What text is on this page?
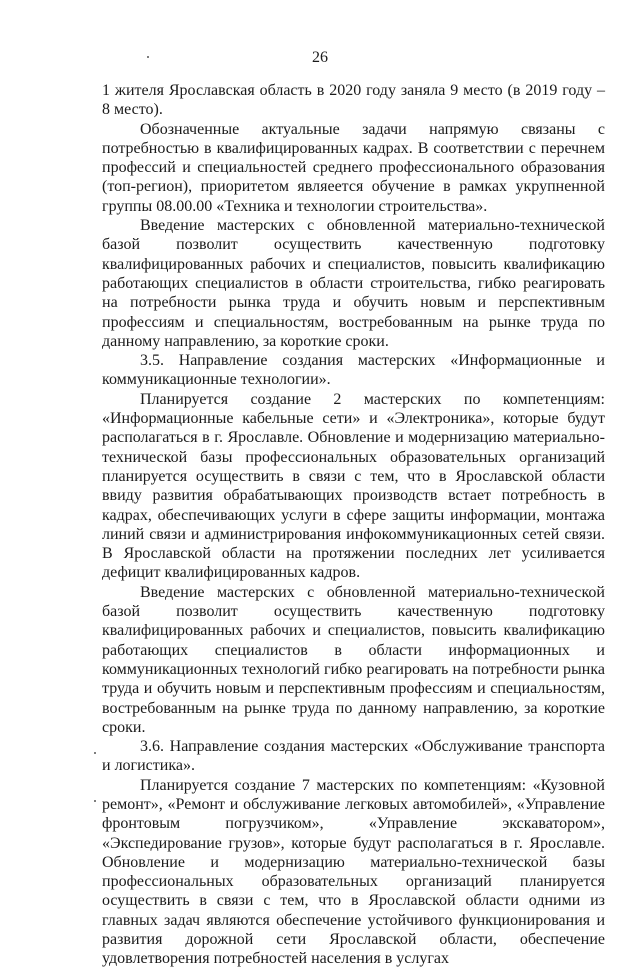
26

1 жителя Ярославская область в 2020 году заняла 9 место (в 2019 году – 8 место).

Обозначенные актуальные задачи напрямую связаны с потребностью в квалифицированных кадрах. В соответствии с перечнем профессий и специальностей среднего профессионального образования (топ-регион), приоритетом являеется обучение в рамках укрупненной группы 08.00.00 «Техника и технологии строительства».

Введение мастерских с обновленной материально-технической базой позволит осуществить качественную подготовку квалифицированных рабочих и специалистов, повысить квалификацию работающих специалистов в области строительства, гибко реагировать на потребности рынка труда и обучить новым и перспективным профессиям и специальностям, востребованным на рынке труда по данному направлению, за короткие сроки.

3.5. Направление создания мастерских «Информационные и коммуникационные технологии».

Планируется создание 2 мастерских по компетенциям: «Информационные кабельные сети» и «Электроника», которые будут располагаться в г. Ярославле. Обновление и модернизацию материально-технической базы профессиональных образовательных организаций планируется осуществить в связи с тем, что в Ярославской области ввиду развития обрабатывающих производств встает потребность в кадрах, обеспечивающих услуги в сфере защиты информации, монтажа линий связи и администрирования инфокоммуникационных сетей связи. В Ярославской области на протяжении последних лет усиливается дефицит квалифицированных кадров.

Введение мастерских с обновленной материально-технической базой позволит осуществить качественную подготовку квалифицированных рабочих и специалистов, повысить квалификацию работающих специалистов в области информационных и коммуникационных технологий гибко реагировать на потребности рынка труда и обучить новым и перспективным профессиям и специальностям, востребованным на рынке труда по данному направлению, за короткие сроки.

3.6. Направление создания мастерских «Обслуживание транспорта и логистика».

Планируется создание 7 мастерских по компетенциям: «Кузовной ремонт», «Ремонт и обслуживание легковых автомобилей», «Управление фронтовым погрузчиком», «Управление экскаватором», «Экспедирование грузов», которые будут располагаться в г. Ярославле. Обновление и модернизацию материально-технической базы профессиональных образовательных организаций планируется осуществить в связи с тем, что в Ярославской области одними из главных задач являются обеспечение устойчивого функционирования и развития дорожной сети Ярославской области, обеспечение удовлетворения потребностей населения в услугах
